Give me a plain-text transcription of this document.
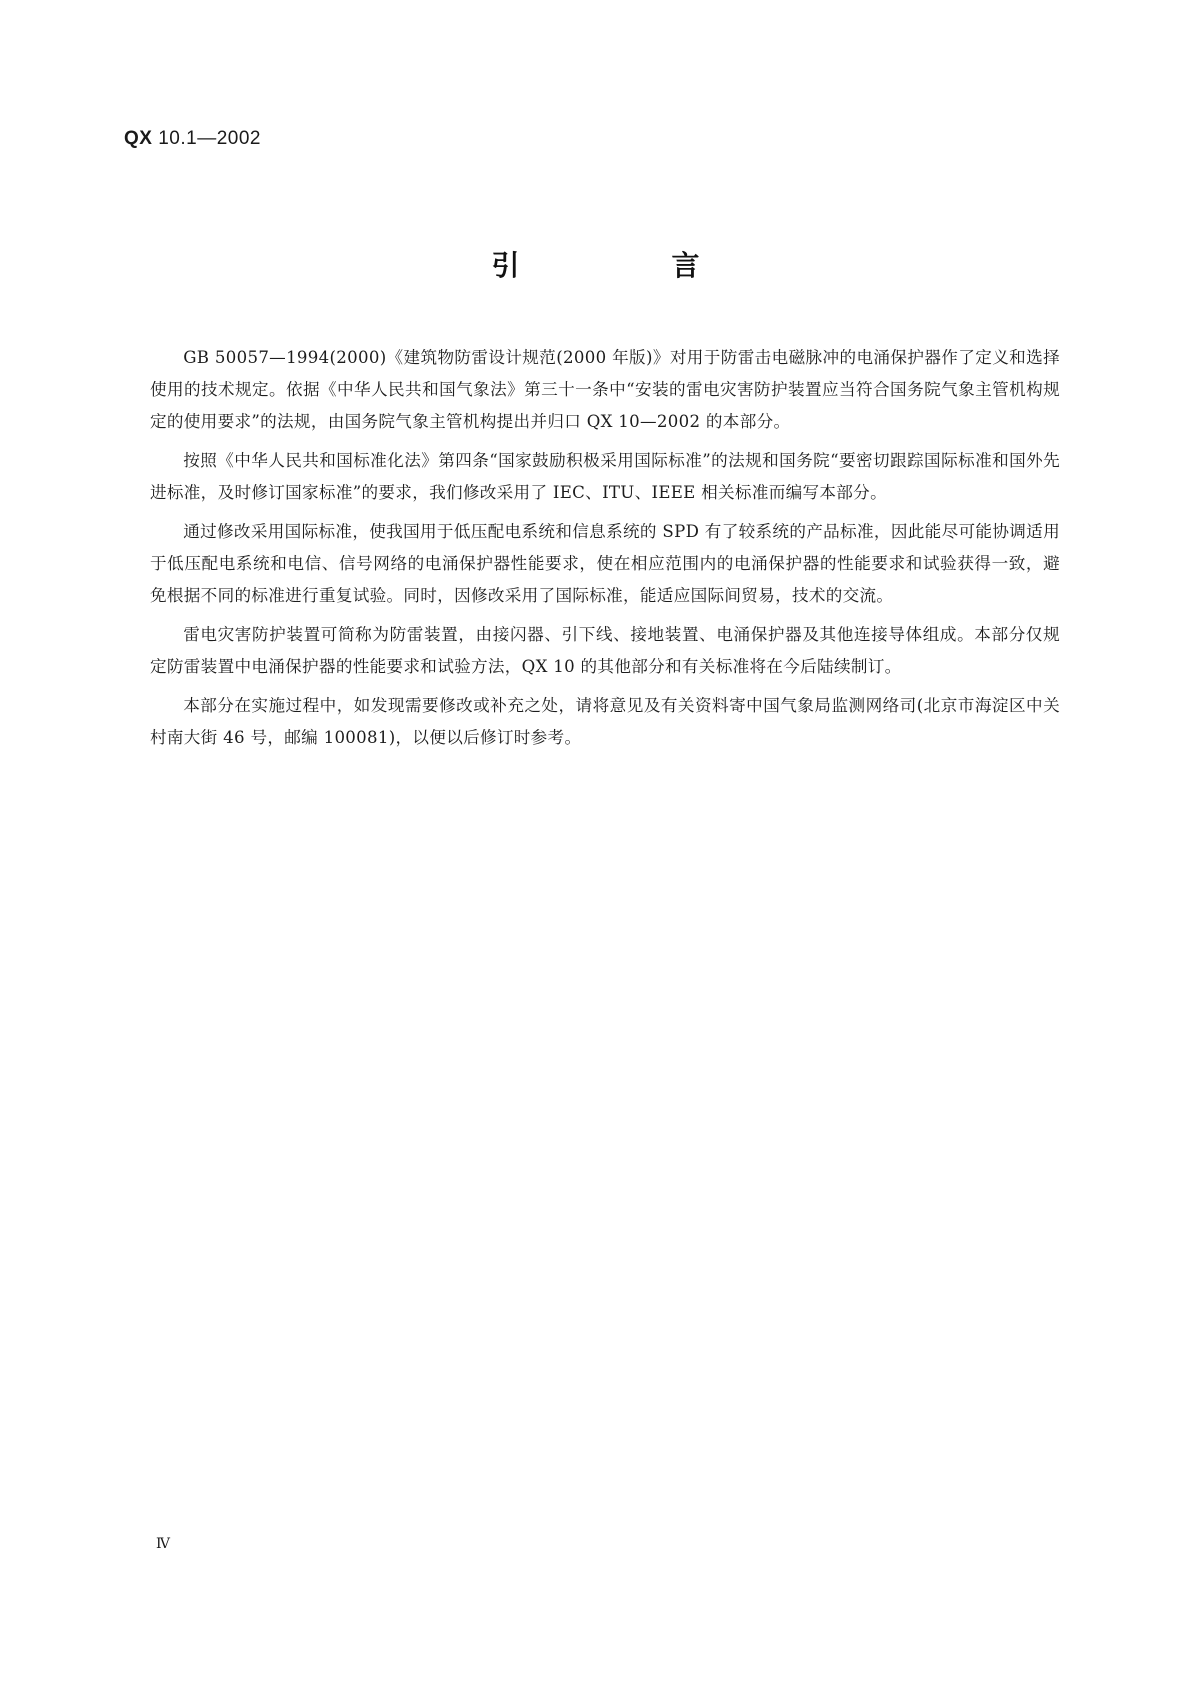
QX 10.1—2002
引　言

GB 50057—1994(2000)《建筑物防雷设计规范(2000 年版)》对用于防雷击电磁脉冲的电涌保护器作了定义和选择使用的技术规定。依据《中华人民共和国气象法》第三十一条中“安装的雷电灾害防护装置应当符合国务院气象主管机构规定的使用要求”的法规，由国务院气象主管机构提出并归口 QX 10—2002 的本部分。

按照《中华人民共和国标准化法》第四条“国家鼓励积极采用国际标准”的法规和国务院“要密切跟踪国际标准和国外先进标准，及时修订国家标准”的要求，我们修改采用了 IEC、ITU、IEEE 相关标准而编写本部分。

通过修改采用国际标准，使我国用于低压配电系统和信息系统的 SPD 有了较系统的产品标准，因此能尽可能协调适用于低压配电系统和电信、信号网络的电涌保护器性能要求，使在相应范围内的电涌保护器的性能要求和试验获得一致，避免根据不同的标准进行重复试验。同时，因修改采用了国际标准，能适应国际间贸易，技术的交流。

雷电灾害防护装置可简称为防雷装置，由接闪器、引下线、接地装置、电涌保护器及其他连接导体组成。本部分仅规定防雷装置中电涌保护器的性能要求和试验方法，QX 10 的其他部分和有关标准将在今后陆续制订。

本部分在实施过程中，如发现需要修改或补充之处，请将意见及有关资料寄中国气象局监测网络司(北京市海淀区中关村南大街 46 号，邮编 100081)，以便以后修订时参考。

Ⅳ
